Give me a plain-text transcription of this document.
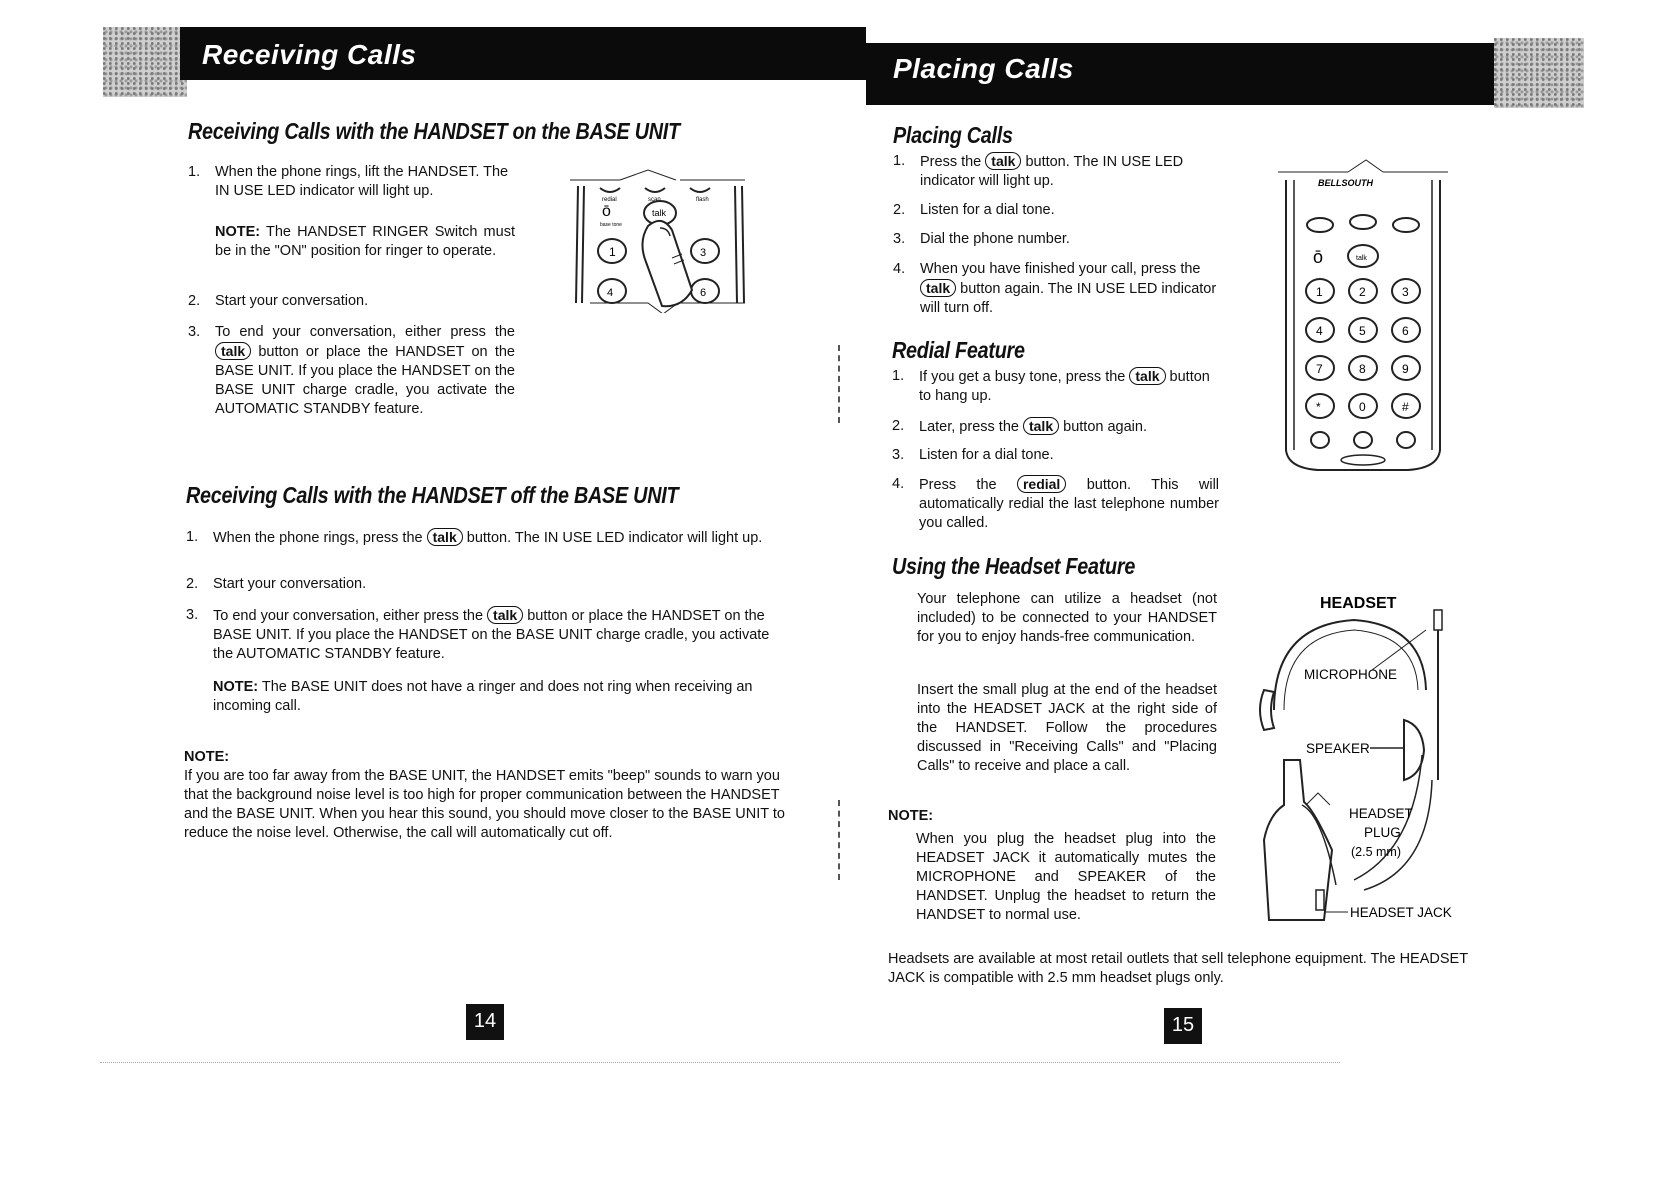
Receiving Calls	Placing Calls
Receiving Calls with the HANDSET on the BASE UNIT
1. When the phone rings, lift the HANDSET. The IN USE LED indicator will light up.
NOTE: The HANDSET RINGER Switch must be in the "ON" position for ringer to operate.
2. Start your conversation.
3. To end your conversation, either press the talk button or place the HANDSET on the BASE UNIT. If you place the HANDSET on the BASE UNIT charge cradle, you activate the AUTOMATIC STANDBY feature.
redial	scan	flash
ō
base tone
talk
1	3
4	6
Receiving Calls with the HANDSET off the BASE UNIT
1. When the phone rings, press the talk button. The IN USE LED indicator will light up.
2. Start your conversation.
3. To end your conversation, either press the talk button or place the HANDSET on the BASE UNIT. If you place the HANDSET on the BASE UNIT charge cradle, you activate the AUTOMATIC STANDBY feature.
NOTE: The BASE UNIT does not have a ringer and does not ring when receiving an incoming call.
NOTE:
If you are too far away from the BASE UNIT, the HANDSET emits "beep" sounds to warn you that the background noise level is too high for proper communication between the HANDSET and the BASE UNIT. When you hear this sound, you should move closer to the BASE UNIT to reduce the noise level. Otherwise, the call will automatically cut off.
14
Placing Calls
1. Press the talk button. The IN USE LED indicator will light up.
2. Listen for a dial tone.
3. Dial the phone number.
4. When you have finished your call, press the talk button again. The IN USE LED indicator will turn off.
Redial Feature
1. If you get a busy tone, press the talk button to hang up.
2. Later, press the talk button again.
3. Listen for a dial tone.
4. Press the redial button. This will automatically redial the last telephone number you called.
BELLSOUTH
ō	talk
1	2	3
4	5	6
7	8	9
*	0	#
Using the Headset Feature
Your telephone can utilize a headset (not included) to be connected to your HANDSET for you to enjoy hands-free communication.
Insert the small plug at the end of the headset into the HEADSET JACK at the right side of the HANDSET. Follow the procedures discussed in "Receiving Calls" and "Placing Calls" to receive and place a call.
NOTE:
When you plug the headset plug into the HEADSET JACK it automatically mutes the MICROPHONE and SPEAKER of the HANDSET. Unplug the headset to return the HANDSET to normal use.
Headsets are available at most retail outlets that sell telephone equipment. The HEADSET JACK is compatible with 2.5 mm headset plugs only.
HEADSET
MICROPHONE
SPEAKER
HEADSET
PLUG
(2.5 mm)
HEADSET JACK
15
